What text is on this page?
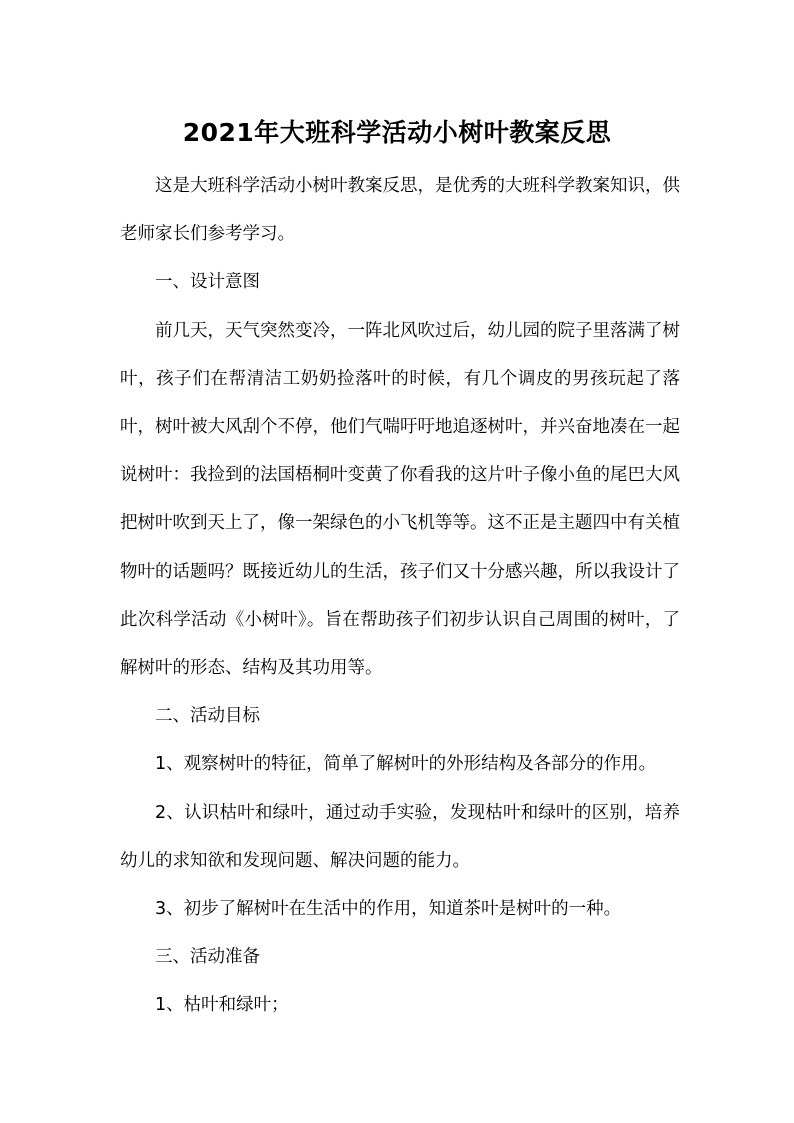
2021年大班科学活动小树叶教案反思

这是大班科学活动小树叶教案反思，是优秀的大班科学教案知识，供老师家长们参考学习。

一、设计意图

前几天，天气突然变冷，一阵北风吹过后，幼儿园的院子里落满了树叶，孩子们在帮清洁工奶奶捡落叶的时候，有几个调皮的男孩玩起了落叶，树叶被大风刮个不停，他们气喘吁吁地追逐树叶，并兴奋地凑在一起说树叶：我捡到的法国梧桐叶变黄了你看我的这片叶子像小鱼的尾巴大风把树叶吹到天上了，像一架绿色的小飞机等等。这不正是主题四中有关植物叶的话题吗？既接近幼儿的生活，孩子们又十分感兴趣，所以我设计了此次科学活动《小树叶》。旨在帮助孩子们初步认识自己周围的树叶，了解树叶的形态、结构及其功用等。

二、活动目标

1、观察树叶的特征，简单了解树叶的外形结构及各部分的作用。

2、认识枯叶和绿叶，通过动手实验，发现枯叶和绿叶的区别，培养幼儿的求知欲和发现问题、解决问题的能力。

3、初步了解树叶在生活中的作用，知道茶叶是树叶的一种。

三、活动准备

1、枯叶和绿叶；
